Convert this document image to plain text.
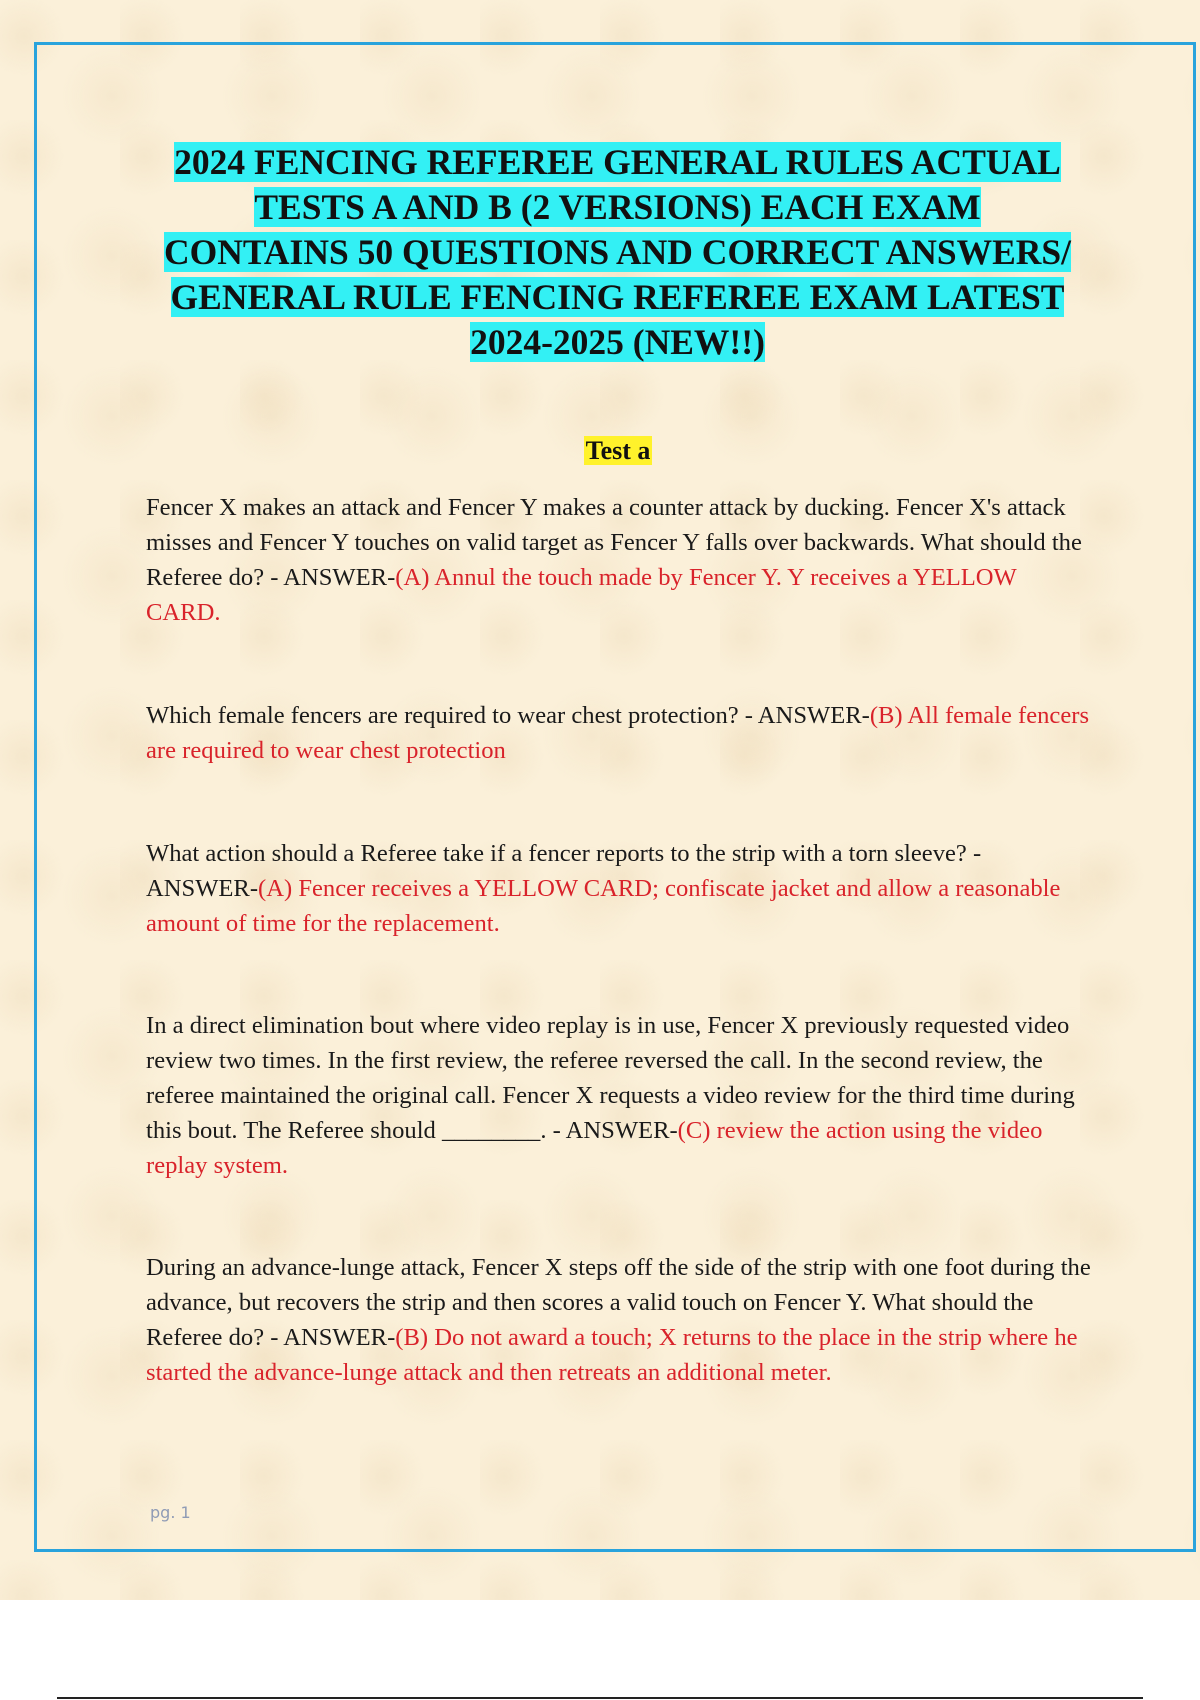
2024 FENCING REFEREE GENERAL RULES ACTUAL
TESTS A AND B (2 VERSIONS) EACH EXAM
CONTAINS 50 QUESTIONS AND CORRECT ANSWERS/
GENERAL RULE FENCING REFEREE EXAM LATEST
2024-2025 (NEW!!)
Test a
Fencer X makes an attack and Fencer Y makes a counter attack by ducking. Fencer X's attack misses and Fencer Y touches on valid target as Fencer Y falls over backwards. What should the Referee do? - ANSWER-(A) Annul the touch made by Fencer Y. Y receives a YELLOW CARD.
Which female fencers are required to wear chest protection? - ANSWER-(B) All female fencers are required to wear chest protection
What action should a Referee take if a fencer reports to the strip with a torn sleeve? - ANSWER-(A) Fencer receives a YELLOW CARD; confiscate jacket and allow a reasonable amount of time for the replacement.
In a direct elimination bout where video replay is in use, Fencer X previously requested video review two times. In the first review, the referee reversed the call. In the second review, the referee maintained the original call. Fencer X requests a video review for the third time during this bout. The Referee should ________. - ANSWER-(C) review the action using the video replay system.
During an advance-lunge attack, Fencer X steps off the side of the strip with one foot during the advance, but recovers the strip and then scores a valid touch on Fencer Y. What should the Referee do? - ANSWER-(B) Do not award a touch; X returns to the place in the strip where he started the advance-lunge attack and then retreats an additional meter.
pg. 1
